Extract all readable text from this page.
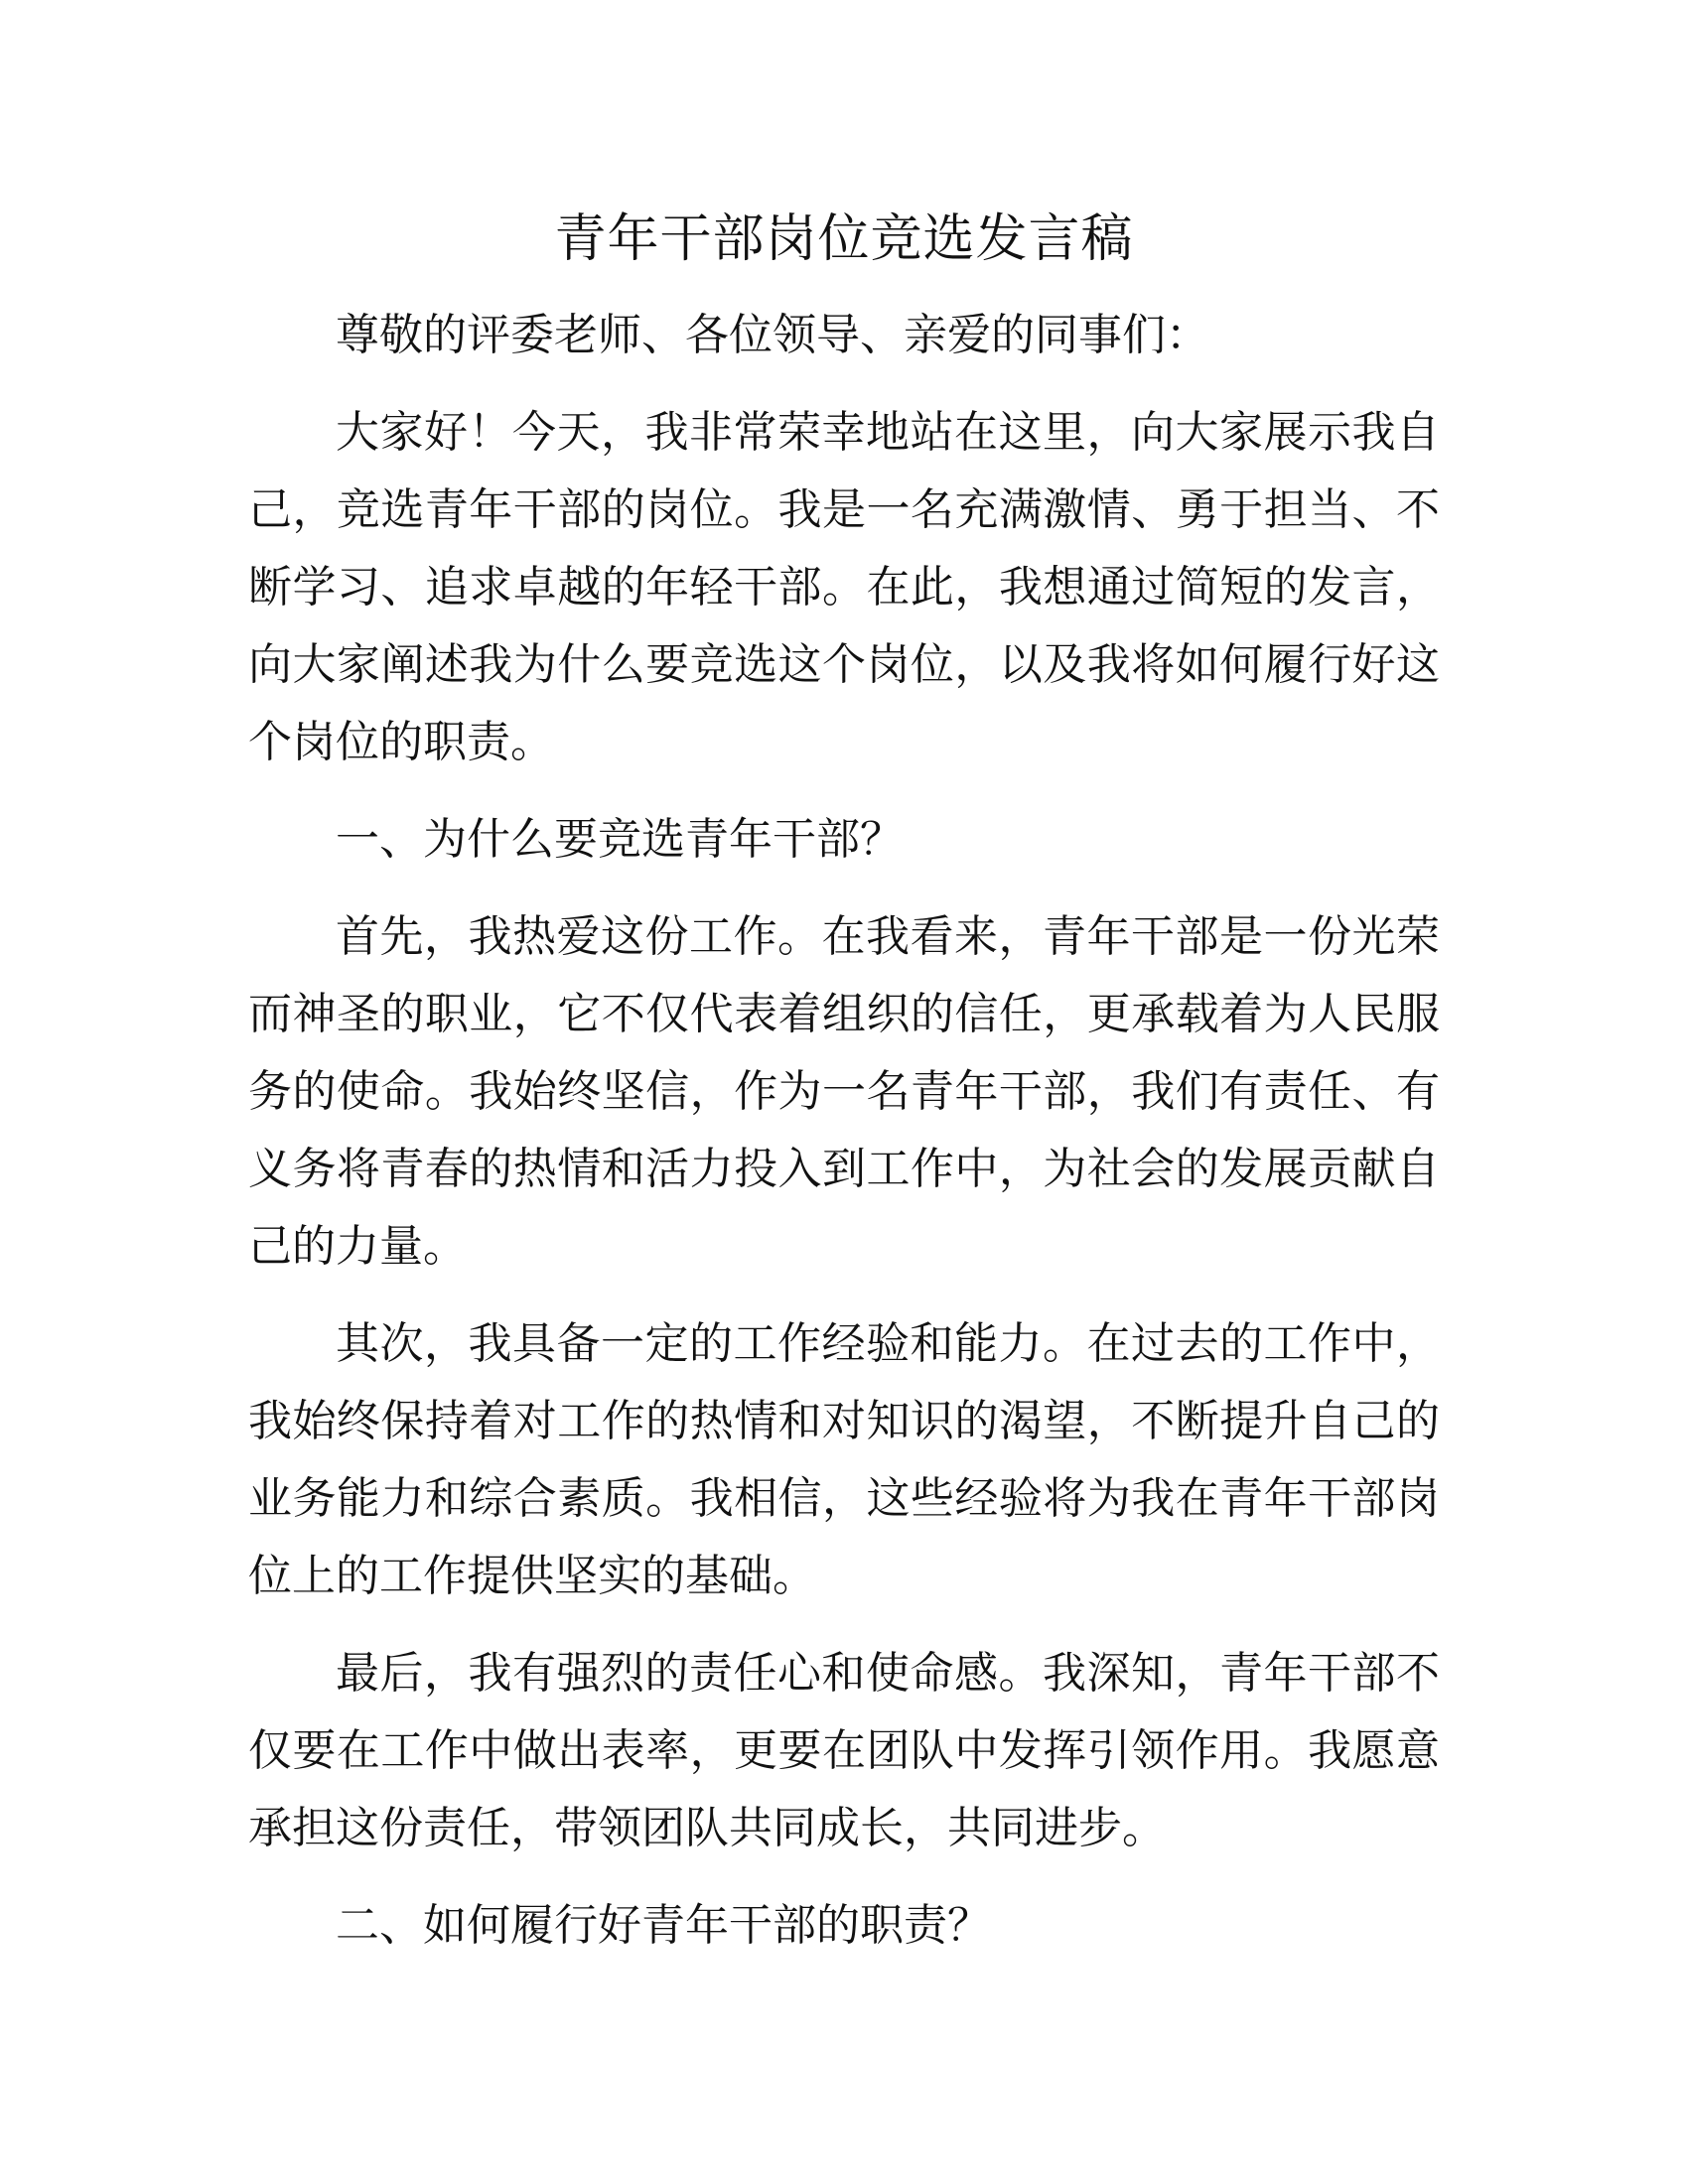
青年干部岗位竞选发言稿

尊敬的评委老师、各位领导、亲爱的同事们：

大家好！今天，我非常荣幸地站在这里，向大家展示我自己，竞选青年干部的岗位。我是一名充满激情、勇于担当、不断学习、追求卓越的年轻干部。在此，我想通过简短的发言，向大家阐述我为什么要竞选这个岗位，以及我将如何履行好这个岗位的职责。

一、为什么要竞选青年干部？

首先，我热爱这份工作。在我看来，青年干部是一份光荣而神圣的职业，它不仅代表着组织的信任，更承载着为人民服务的使命。我始终坚信，作为一名青年干部，我们有责任、有义务将青春的热情和活力投入到工作中，为社会的发展贡献自己的力量。

其次，我具备一定的工作经验和能力。在过去的工作中，我始终保持着对工作的热情和对知识的渴望，不断提升自己的业务能力和综合素质。我相信，这些经验将为我在青年干部岗位上的工作提供坚实的基础。

最后，我有强烈的责任心和使命感。我深知，青年干部不仅要在工作中做出表率，更要在团队中发挥引领作用。我愿意承担这份责任，带领团队共同成长，共同进步。

二、如何履行好青年干部的职责？
